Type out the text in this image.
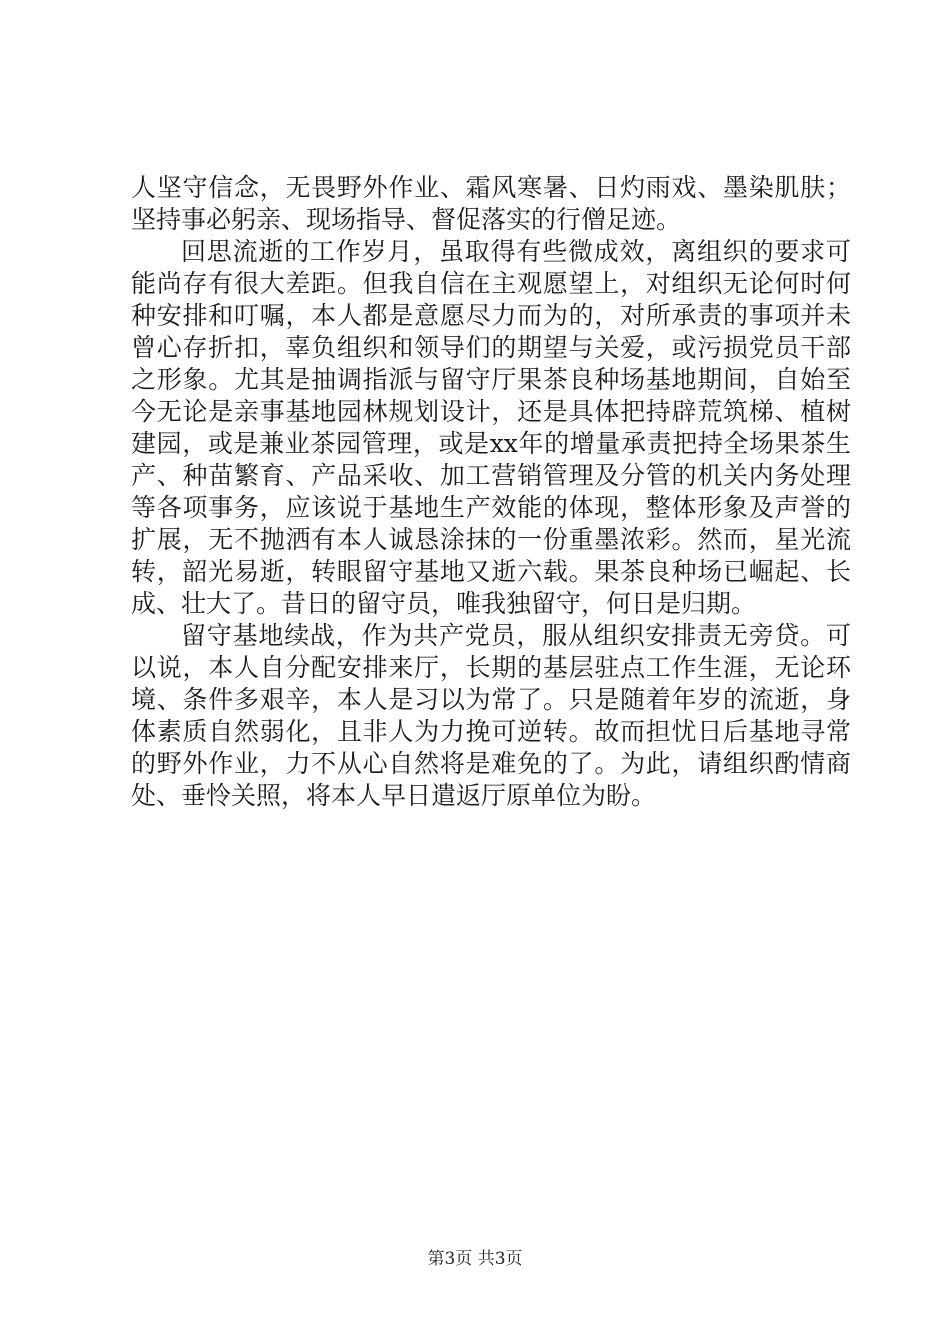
人坚守信念，无畏野外作业、霜风寒暑、日灼雨戏、墨染肌肤；坚持事必躬亲、现场指导、督促落实的行僧足迹。

回思流逝的工作岁月，虽取得有些微成效，离组织的要求可能尚存有很大差距。但我自信在主观愿望上，对组织无论何时何种安排和叮嘱，本人都是意愿尽力而为的，对所承责的事项并未曾心存折扣，辜负组织和领导们的期望与关爱，或污损党员干部之形象。尤其是抽调指派与留守厅果茶良种场基地期间，自始至今无论是亲事基地园林规划设计，还是具体把持辟荒筑梯、植树建园，或是兼业茶园管理，或是xx年的增量承责把持全场果茶生产、种苗繁育、产品采收、加工营销管理及分管的机关内务处理等各项事务，应该说于基地生产效能的体现，整体形象及声誉的扩展，无不抛洒有本人诚恳涂抹的一份重墨浓彩。然而，星光流转，韶光易逝，转眼留守基地又逝六载。果茶良种场已崛起、长成、壮大了。昔日的留守员，唯我独留守，何日是归期。

留守基地续战，作为共产党员，服从组织安排责无旁贷。可以说，本人自分配安排来厅，长期的基层驻点工作生涯，无论环境、条件多艰辛，本人是习以为常了。只是随着年岁的流逝，身体素质自然弱化，且非人为力挽可逆转。故而担忧日后基地寻常的野外作业，力不从心自然将是难免的了。为此，请组织酌情商处、垂怜关照，将本人早日遣返厅原单位为盼。

第3页 共3页
